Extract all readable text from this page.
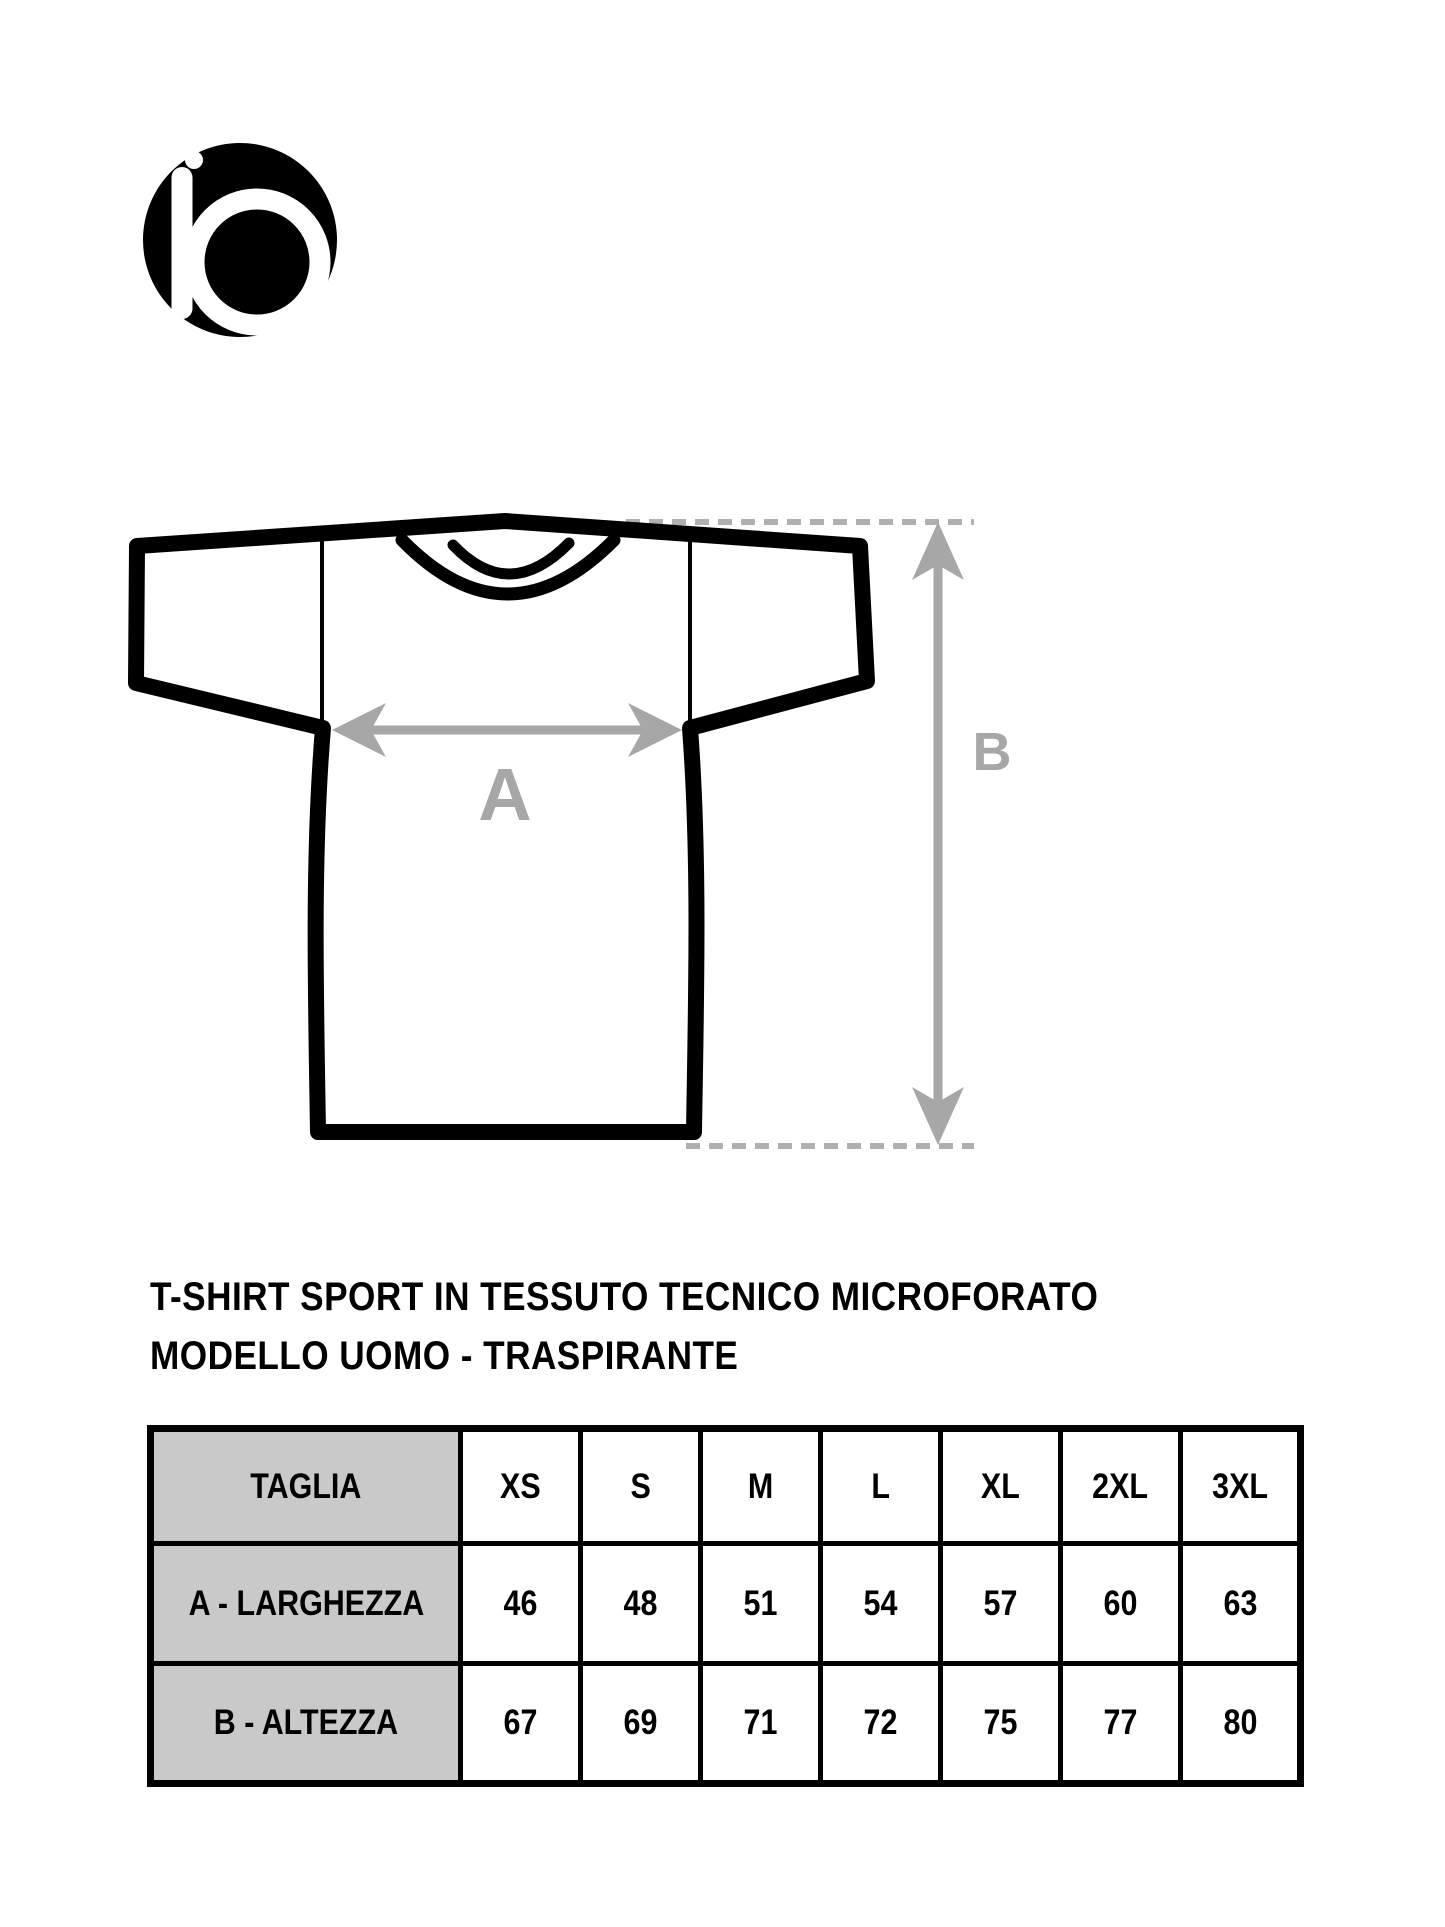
A
B
T-SHIRT SPORT IN TESSUTO TECNICO MICROFORATO
MODELLO UOMO - TRASPIRANTE
TAGLIA	XS	S	M	L	XL	2XL	3XL
A - LARGHEZZA	46	48	51	54	57	60	63
B - ALTEZZA	67	69	71	72	75	77	80
